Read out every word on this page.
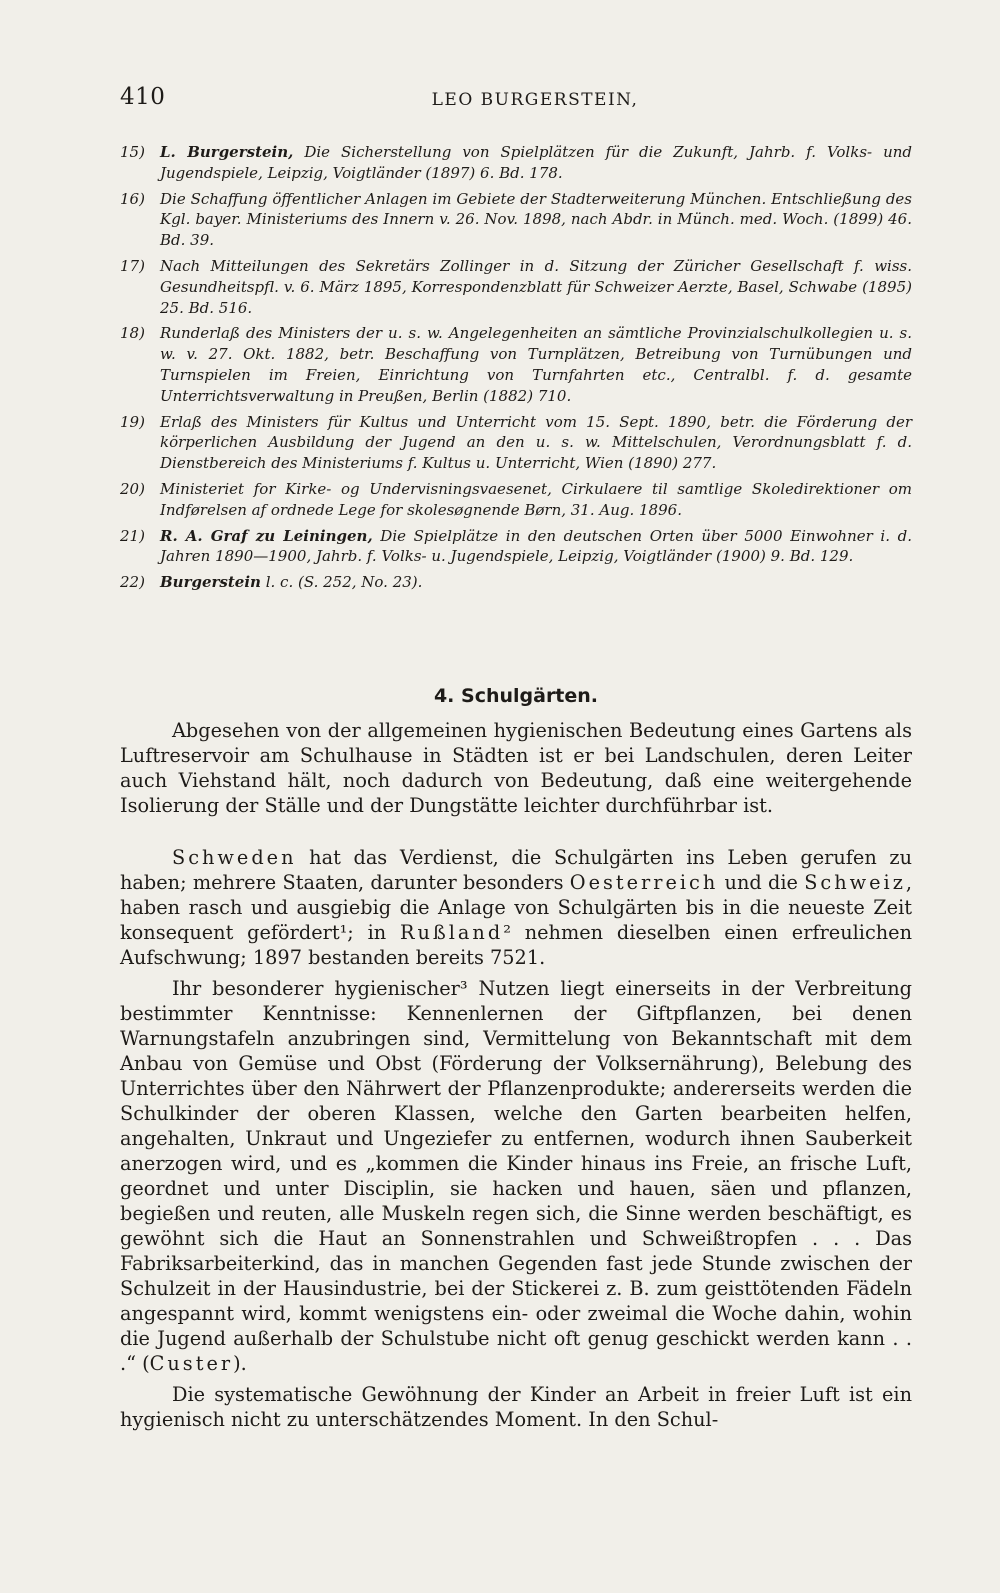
410	LEO BURGERSTEIN,
15) L. Burgerstein, Die Sicherstellung von Spielplätzen für die Zukunft, Jahrb. f. Volks- und Jugendspiele, Leipzig, Voigtländer (1897) 6. Bd. 178.
16) Die Schaffung öffentlicher Anlagen im Gebiete der Stadterweiterung München. Entschließung des Kgl. bayer. Ministeriums des Innern v. 26. Nov. 1898, nach Abdr. in Münch. med. Woch. (1899) 46. Bd. 39.
17) Nach Mitteilungen des Sekretärs Zollinger in d. Sitzung der Züricher Gesellschaft f. wiss. Gesundheitspfl. v. 6. März 1895, Korrespondenzblatt für Schweizer Aerzte, Basel, Schwabe (1895) 25. Bd. 516.
18) Runderlaß des Ministers der u. s. w. Angelegenheiten an sämtliche Provinzialschulkollegien u. s. w. v. 27. Okt. 1882, betr. Beschaffung von Turnplätzen, Betreibung von Turnübungen und Turnspielen im Freien, Einrichtung von Turnfahrten etc., Centralbl. f. d. gesamte Unterrichtsverwaltung in Preußen, Berlin (1882) 710.
19) Erlaß des Ministers für Kultus und Unterricht vom 15. Sept. 1890, betr. die Förderung der körperlichen Ausbildung der Jugend an den u. s. w. Mittelschulen, Verordnungsblatt f. d. Dienstbereich des Ministeriums f. Kultus u. Unterricht, Wien (1890) 277.
20) Ministeriet for Kirke- og Undervisningsvaesenet, Cirkulaere til samtlige Skoledirektioner om Indførelsen af ordnede Lege for skolesøgnende Børn, 31. Aug. 1896.
21) R. A. Graf zu Leiningen, Die Spielplätze in den deutschen Orten über 5000 Einwohner i. d. Jahren 1890—1900, Jahrb. f. Volks- u. Jugendspiele, Leipzig, Voigtländer (1900) 9. Bd. 129.
22) Burgerstein l. c. (S. 252, No. 23).
4. Schulgärten.

Abgesehen von der allgemeinen hygienischen Bedeutung eines Gartens als Luftreservoir am Schulhause in Städten ist er bei Landschulen, deren Leiter auch Viehstand hält, noch dadurch von Bedeutung, daß eine weitergehende Isolierung der Ställe und der Dungstätte leichter durchführbar ist.

Schweden hat das Verdienst, die Schulgärten ins Leben gerufen zu haben; mehrere Staaten, darunter besonders Oesterreich und die Schweiz, haben rasch und ausgiebig die Anlage von Schulgärten bis in die neueste Zeit konsequent gefördert¹; in Rußland² nehmen dieselben einen erfreulichen Aufschwung; 1897 bestanden bereits 7521.

Ihr besonderer hygienischer³ Nutzen liegt einerseits in der Verbreitung bestimmter Kenntnisse: Kennenlernen der Giftpflanzen, bei denen Warnungstafeln anzubringen sind, Vermittelung von Bekanntschaft mit dem Anbau von Gemüse und Obst (Förderung der Volksernährung), Belebung des Unterrichtes über den Nährwert der Pflanzenprodukte; andererseits werden die Schulkinder der oberen Klassen, welche den Garten bearbeiten helfen, angehalten, Unkraut und Ungeziefer zu entfernen, wodurch ihnen Sauberkeit anerzogen wird, und es „kommen die Kinder hinaus ins Freie, an frische Luft, geordnet und unter Disciplin, sie hacken und hauen, säen und pflanzen, begießen und reuten, alle Muskeln regen sich, die Sinne werden beschäftigt, es gewöhnt sich die Haut an Sonnenstrahlen und Schweißtropfen . . . Das Fabriksarbeiterkind, das in manchen Gegenden fast jede Stunde zwischen der Schulzeit in der Hausindustrie, bei der Stickerei z. B. zum geisttötenden Fädeln angespannt wird, kommt wenigstens ein- oder zweimal die Woche dahin, wohin die Jugend außerhalb der Schulstube nicht oft genug geschickt werden kann . . .“ (Custer).

Die systematische Gewöhnung der Kinder an Arbeit in freier Luft ist ein hygienisch nicht zu unterschätzendes Moment. In den Schul-
